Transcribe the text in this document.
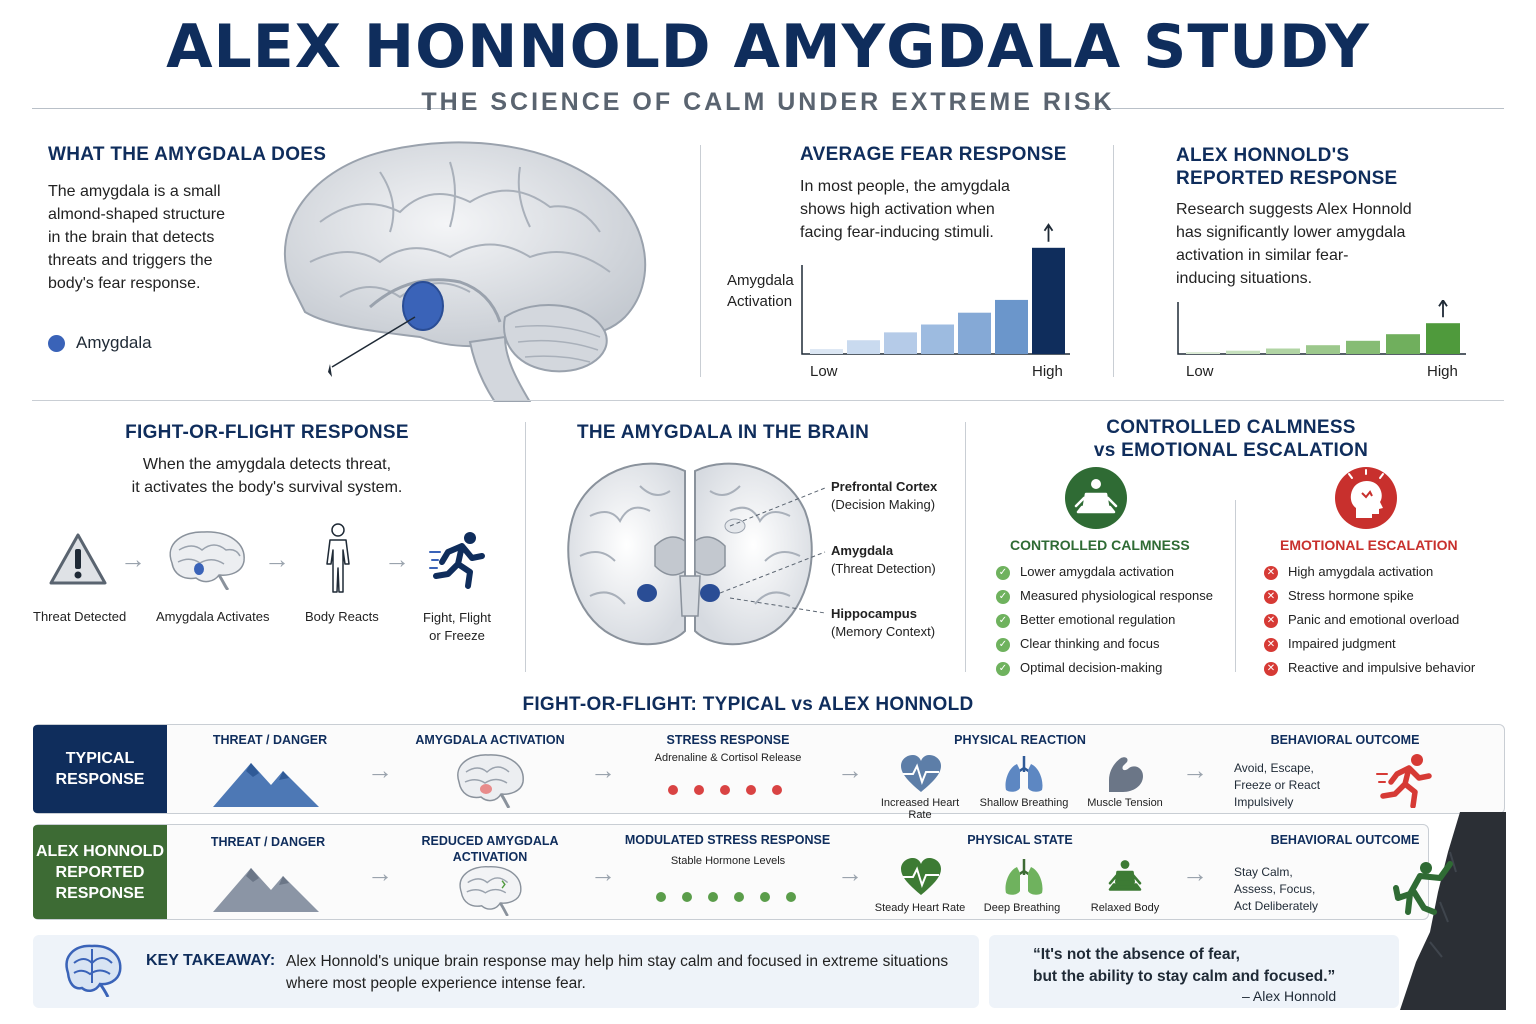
ALEX HONNOLD AMYGDALA STUDY
THE SCIENCE OF CALM UNDER EXTREME RISK
WHAT THE AMYGDALA DOES
The amygdala is a small
almond-shaped structure
in the brain that detects
threats and triggers the
body's fear response.
Amygdala
AVERAGE FEAR RESPONSE
In most people, the amygdala
shows high activation when
facing fear-inducing stimuli.
Amygdala
Activation
Low	High
ALEX HONNOLD'S
REPORTED RESPONSE
Research suggests Alex Honnold
has significantly lower amygdala
activation in similar fear-
inducing situations.
Low	High
FIGHT-OR-FLIGHT RESPONSE
When the amygdala detects threat,
it activates the body's survival system.
→	→	→
Threat Detected Amygdala Activates	Body Reacts	Fight, Flight
or Freeze
THE AMYGDALA IN THE BRAIN
Prefrontal Cortex
(Decision Making)
Amygdala
(Threat Detection)
Hippocampus
(Memory Context)
CONTROLLED CALMNESS
vs EMOTIONAL ESCALATION
CONTROLLED CALMNESS	EMOTIONAL ESCALATION
✓ Lower amygdala activation
✓ Measured physiological response
✓ Better emotional regulation
✓ Clear thinking and focus
✓ Optimal decision-making
✕ High amygdala activation
✕ Stress hormone spike
✕ Panic and emotional overload
✕ Impaired judgment
✕ Reactive and impulsive behavior
FIGHT-OR-FLIGHT: TYPICAL vs ALEX HONNOLD
TYPICAL
RESPONSE
THREAT / DANGER
→
AMYGDALA ACTIVATION
→
STRESS RESPONSE
Adrenaline & Cortisol Release	→
PHYSICAL REACTION
Increased Heart Rate
Shallow Breathing	Muscle Tension
→
BEHAVIORAL OUTCOME
Avoid, Escape,
Freeze or React
Impulsively
ALEX HONNOLD
REPORTED
RESPONSE
THREAT / DANGER
→
REDUCED AMYGDALA
ACTIVATION
→
MODULATED STRESS RESPONSE
Stable Hormone Levels	→
PHYSICAL STATE
Steady Heart Rate	Deep Breathing	Relaxed Body
→
BEHAVIORAL OUTCOME
Stay Calm,
Assess, Focus,
Act Deliberately
KEY TAKEAWAY: Alex Honnold's unique brain response may help him stay calm and focused in extreme situations
where most people experience intense fear.
“It's not the absence of fear,
but the ability to stay calm and focused.”
– Alex Honnold
